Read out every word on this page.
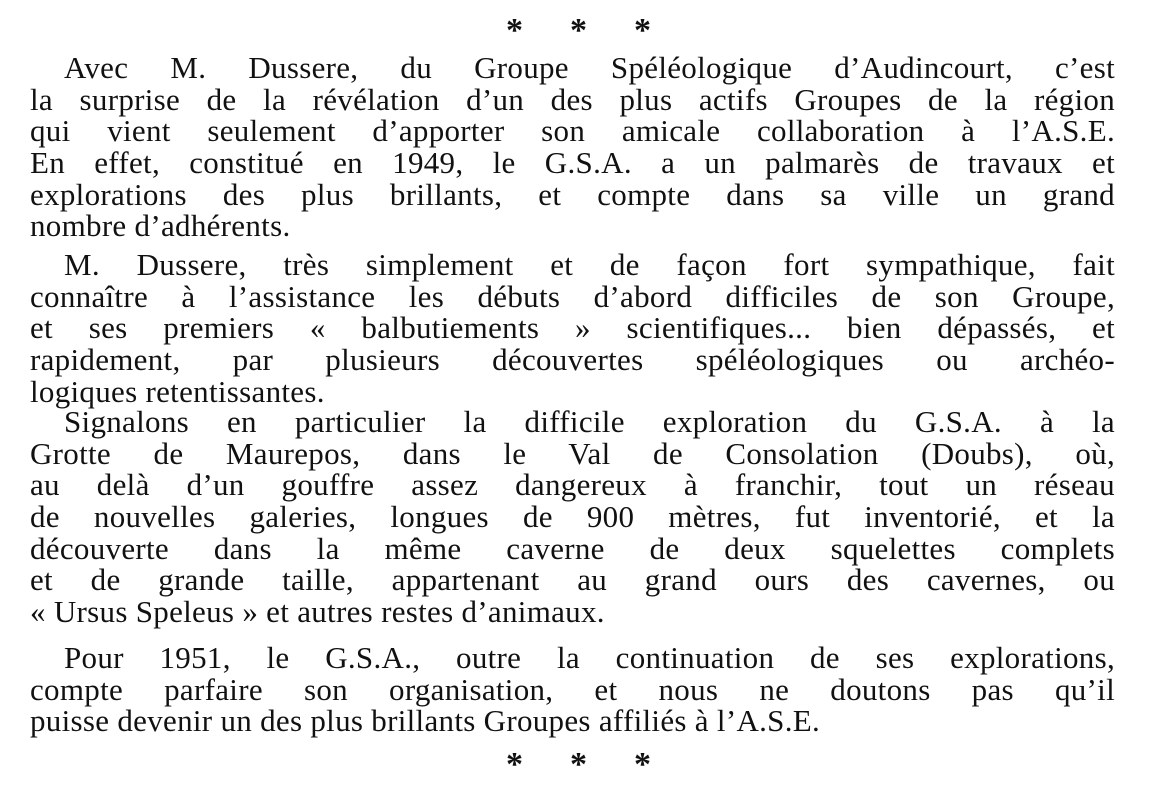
* * *
Avec M. Dussere, du Groupe Spéléologique d’Audincourt, c’est
la surprise de la révélation d’un des plus actifs Groupes de la région
qui vient seulement d’apporter son amicale collaboration à l’A.S.E.
En effet, constitué en 1949, le G.S.A. a un palmarès de travaux et
explorations des plus brillants, et compte dans sa ville un grand
nombre d’adhérents.
M. Dussere, très simplement et de façon fort sympathique, fait
connaître à l’assistance les débuts d’abord difficiles de son Groupe,
et ses premiers « balbutiements » scientifiques... bien dépassés, et
rapidement, par plusieurs découvertes spéléologiques ou archéo-
logiques retentissantes.
Signalons en particulier la difficile exploration du G.S.A. à la
Grotte de Maurepos, dans le Val de Consolation (Doubs), où,
au delà d’un gouffre assez dangereux à franchir, tout un réseau
de nouvelles galeries, longues de 900 mètres, fut inventorié, et la
découverte dans la même caverne de deux squelettes complets
et de grande taille, appartenant au grand ours des cavernes, ou
« Ursus Speleus » et autres restes d’animaux.
Pour 1951, le G.S.A., outre la continuation de ses explorations,
compte parfaire son organisation, et nous ne doutons pas qu’il
puisse devenir un des plus brillants Groupes affiliés à l’A.S.E.
* * *
